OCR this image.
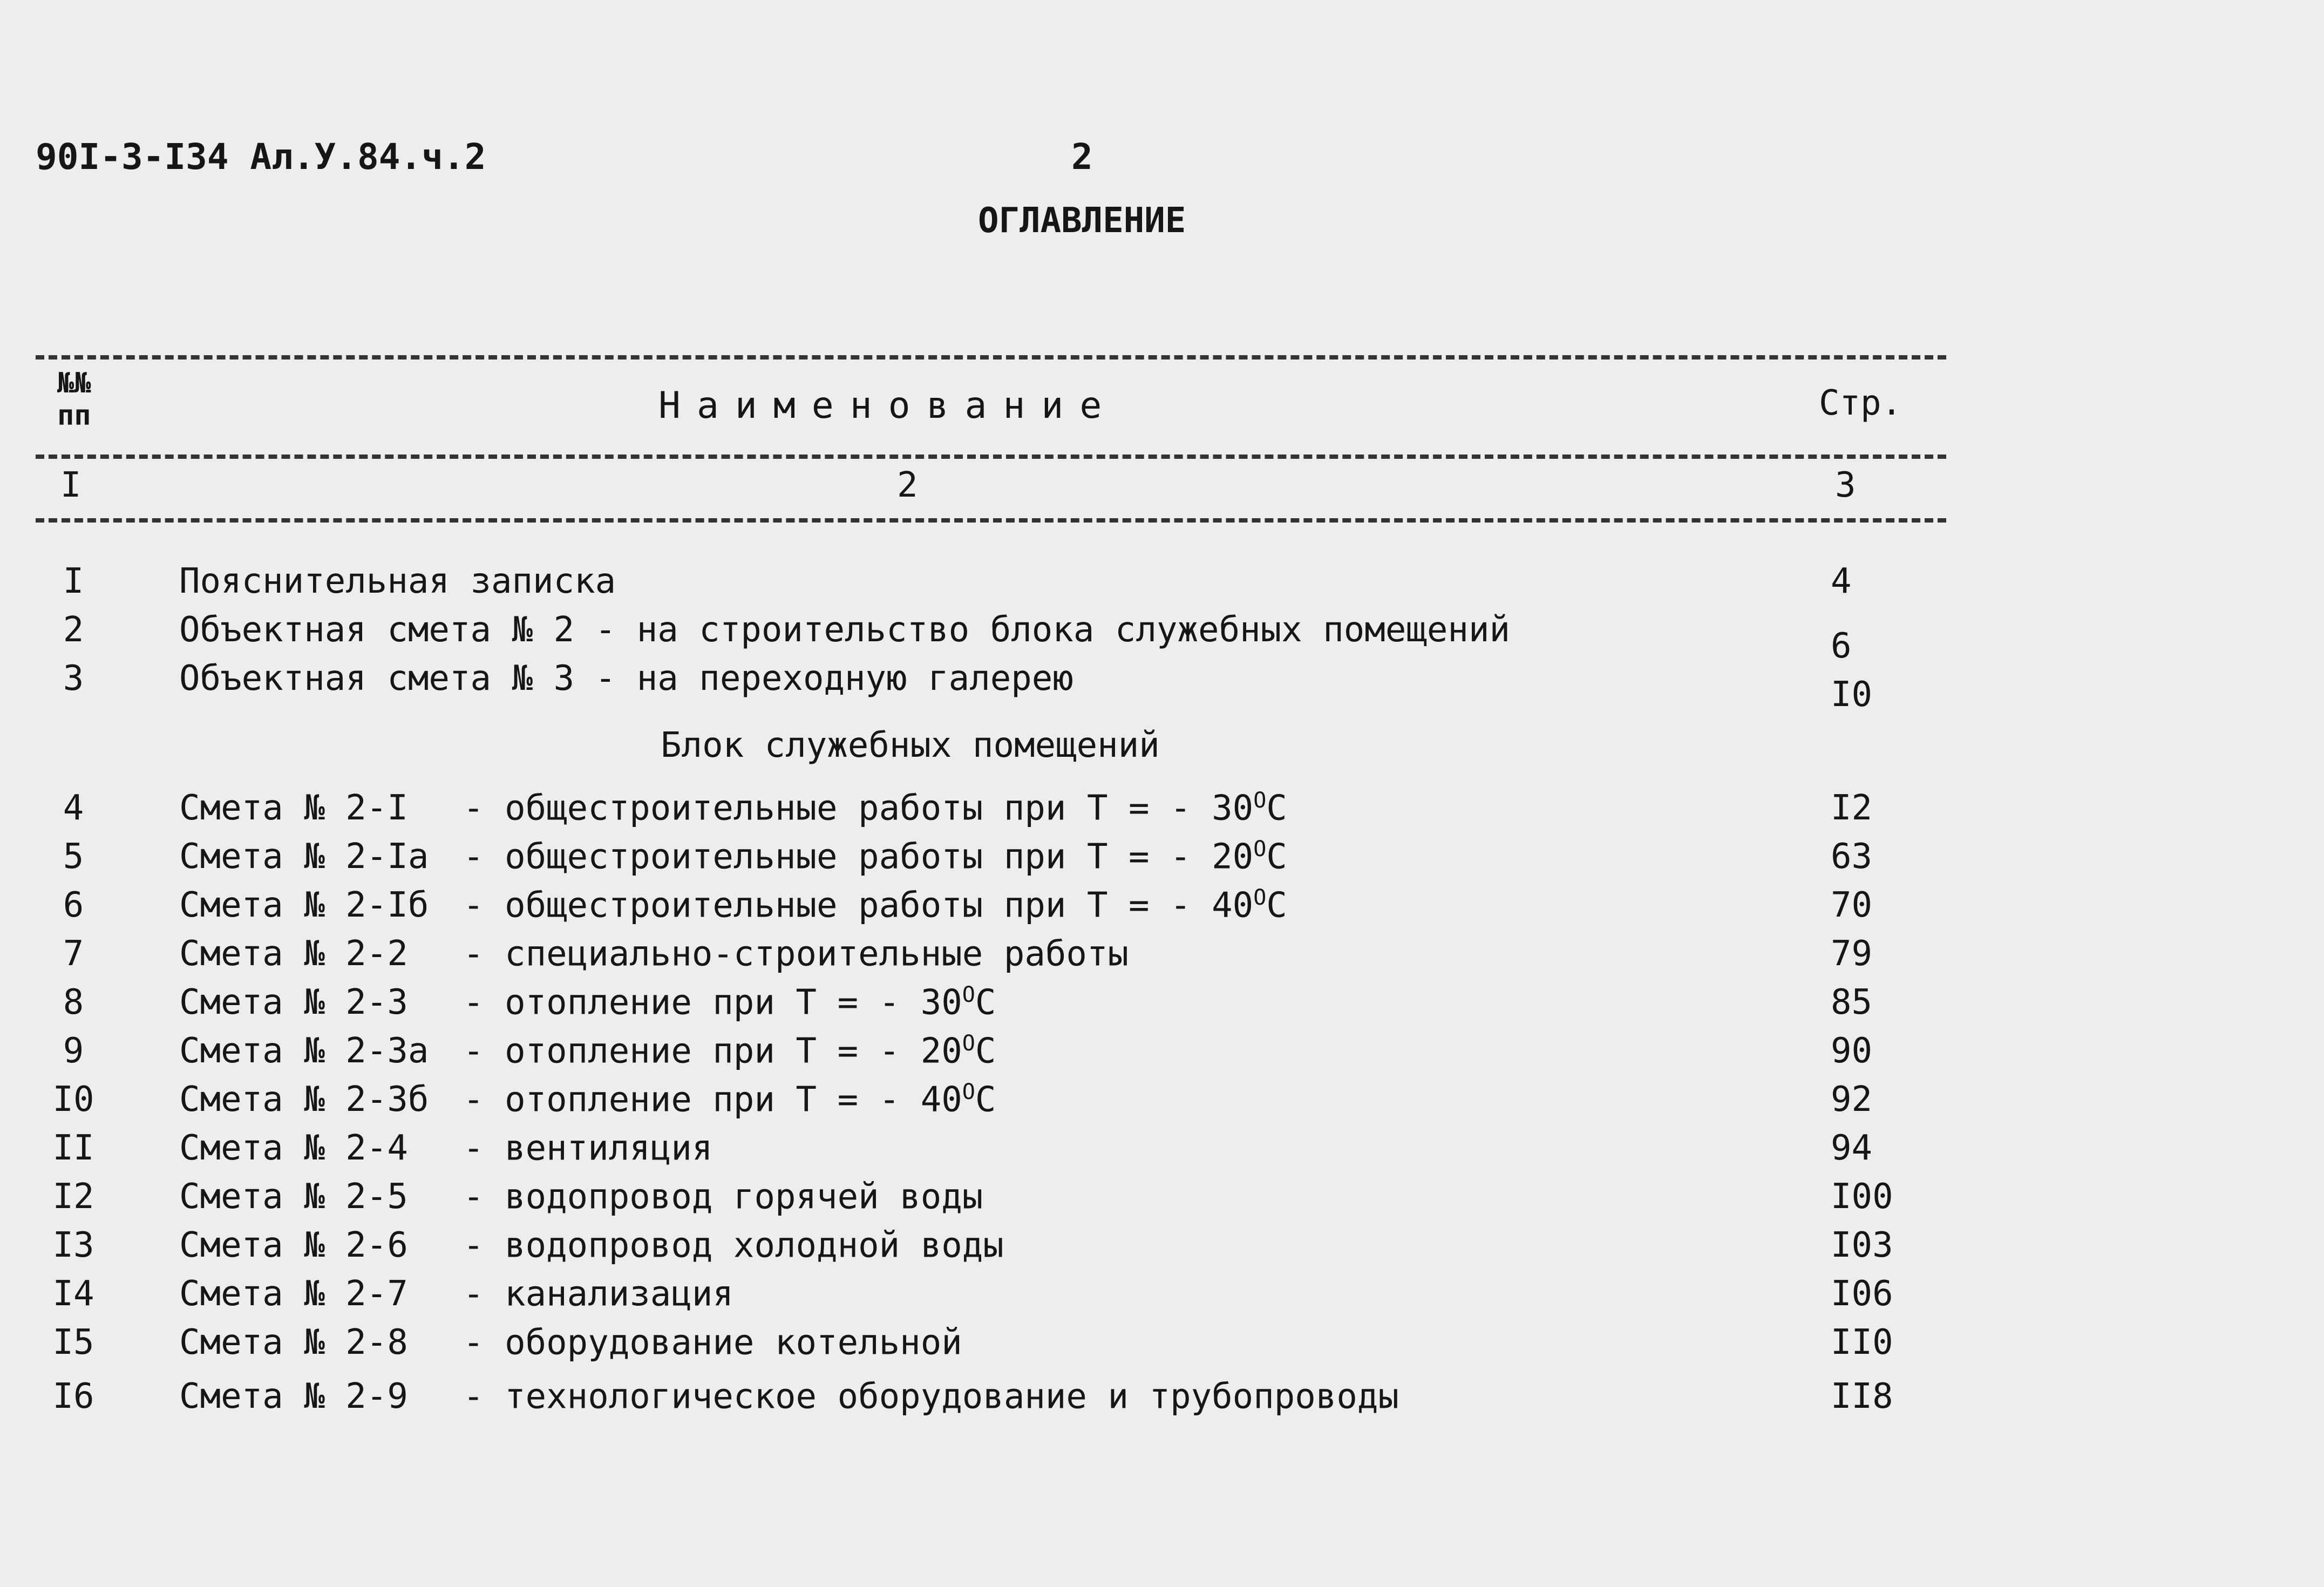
90I-3-I34 Ал.У.84.ч.2	2
ОГЛАВЛЕНИЕ
№№
пп	Наименование	Стр.
I	2	3
I	Пояснительная записка	4
2	Объектная смета № 2 - на строительство блока служебных помещений	6
3	Объектная смета № 3 - на переходную галерею	I0
Блок служебных помещений
4	Смета № 2-I - общестроительные работы при Т = - $30^ОС$	I2
5	Смета № 2-Iа - общестроительные работы при Т = - $20^ОС$	63
6	Смета № 2-Iб - общестроительные работы при Т = - $40^ОС$	70
7	Смета № 2-2 - специально-строительные работы	79
8	Смета № 2-3 - отопление при Т = - $30^ОС$	85
9	Смета № 2-3а - отопление при Т = - $20^ОС$	90
I0 Смета № 2-3б - отопление при Т = - $40^ОС$	92
II Смета № 2-4 - вентиляция	94
I2 Смета № 2-5 - водопровод горячей воды	I00
I3 Смета № 2-6 - водопровод холодной воды	I03
I4 Смета № 2-7 - канализация	I06
I5 Смета № 2-8 - оборудование котельной	II0
I6 Смета № 2-9 - технологическое оборудование и трубопроводы	II8
